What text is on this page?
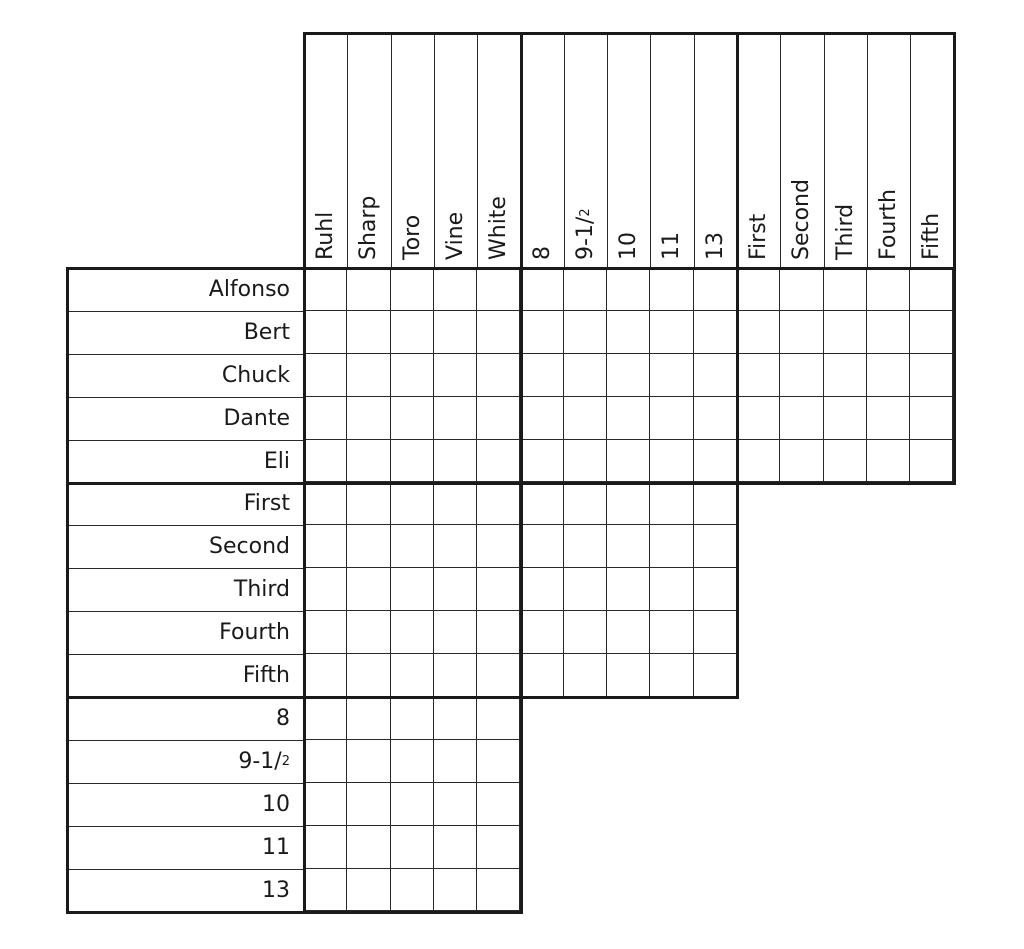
Ruhl Sharp Toro Vine White 8 9-1/
2
10 11 13 First Second Third Fourth Fifth
Alfonso
Bert
Chuck
Dante
Eli
First
Second
Third
Fourth
Fifth
8
9-1/ 2
10
11
13
